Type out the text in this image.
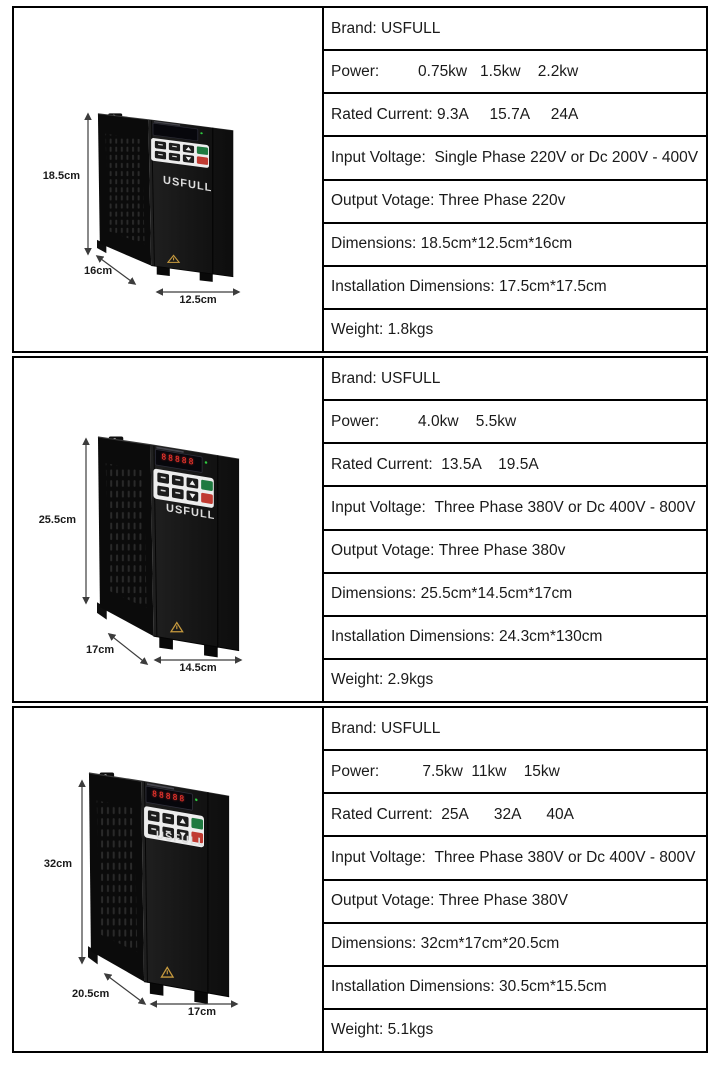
USFULL
18.5cm
16cm
12.5cm
Brand: USFULL
Power: 0.75kw   1.5kw    2.2kw
Rated Current: 9.3A     15.7A     24A
Input Voltage: Single Phase 220V or Dc 200V - 400V
Output Votage: Three Phase 220v
Dimensions: 18.5cm*12.5cm*16cm
Installation Dimensions: 17.5cm*17.5cm
Weight: 1.8kgs
88888
USFULL
25.5cm
17cm
14.5cm
Brand: USFULL
Power: 4.0kw    5.5kw
Rated Current: 13.5A    19.5A
Input Voltage: Three Phase 380V or Dc 400V - 800V
Output Votage: Three Phase 380v
Dimensions: 25.5cm*14.5cm*17cm
Installation Dimensions: 24.3cm*130cm
Weight: 2.9kgs
88888
USFULL
32cm
20.5cm
17cm
Brand: USFULL
Power: 7.5kw  11kw    15kw
Rated Current: 25A      32A      40A
Input Voltage: Three Phase 380V or Dc 400V - 800V
Output Votage: Three Phase 380V
Dimensions: 32cm*17cm*20.5cm
Installation Dimensions: 30.5cm*15.5cm
Weight: 5.1kgs
